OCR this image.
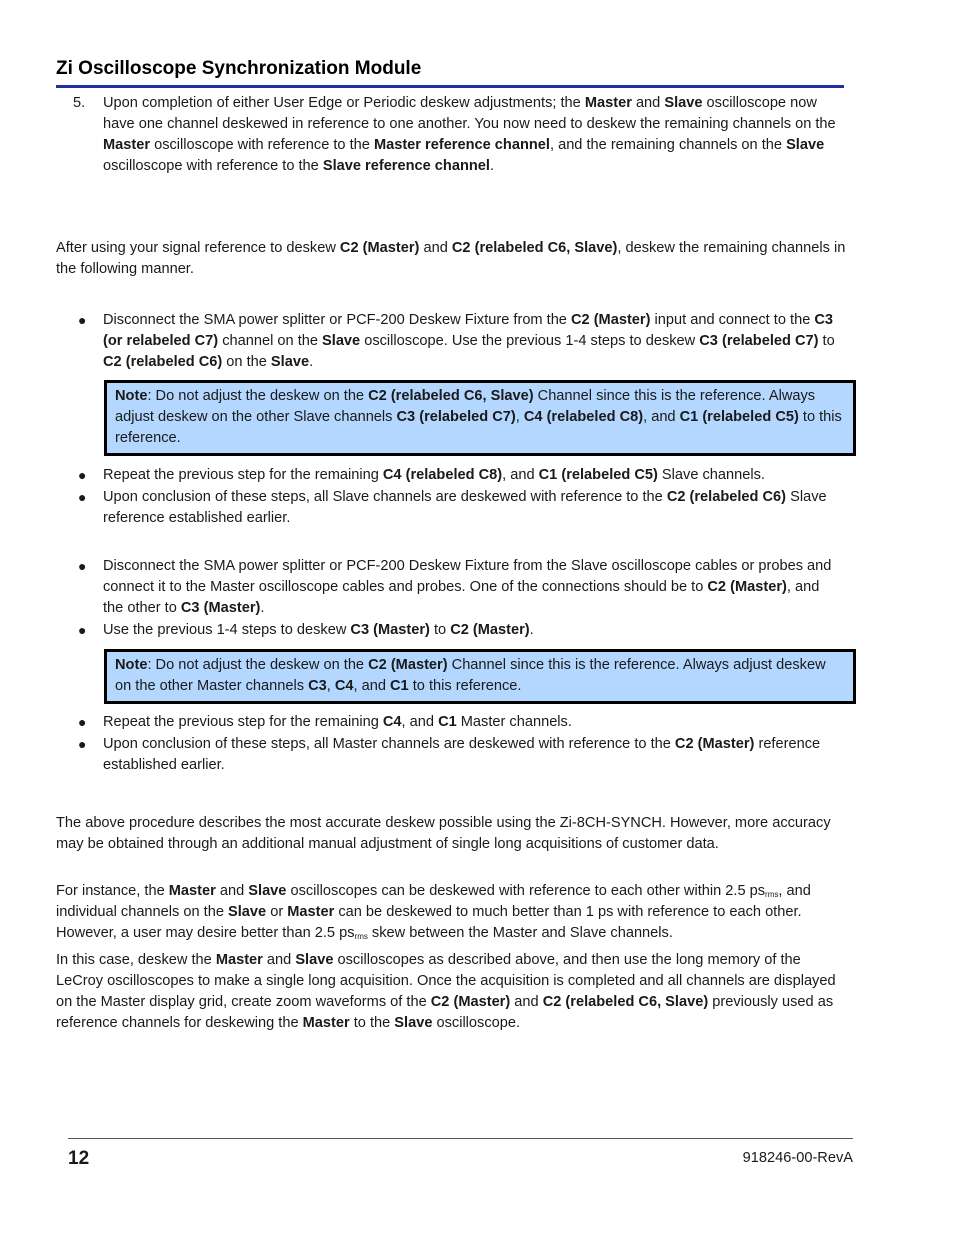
Zi Oscilloscope Synchronization Module
5. Upon completion of either User Edge or Periodic deskew adjustments; the Master and Slave oscilloscope now have one channel deskewed in reference to one another. You now need to deskew the remaining channels on the Master oscilloscope with reference to the Master reference channel, and the remaining channels on the Slave oscilloscope with reference to the Slave reference channel.

After using your signal reference to deskew C2 (Master) and C2 (relabeled C6, Slave), deskew the remaining channels in the following manner.

● Disconnect the SMA power splitter or PCF-200 Deskew Fixture from the C2 (Master) input and connect to the C3 (or relabeled C7) channel on the Slave oscilloscope. Use the previous 1-4 steps to deskew C3 (relabeled C7) to C2 (relabeled C6) on the Slave.

Note: Do not adjust the deskew on the C2 (relabeled C6, Slave) Channel since this is the reference. Always adjust deskew on the other Slave channels C3 (relabeled C7), C4 (relabeled C8), and C1 (relabeled C5) to this reference.

● Repeat the previous step for the remaining C4 (relabeled C8), and C1 (relabeled C5) Slave channels.
● Upon conclusion of these steps, all Slave channels are deskewed with reference to the C2 (relabeled C6) Slave reference established earlier.
● Disconnect the SMA power splitter or PCF-200 Deskew Fixture from the Slave oscilloscope cables or probes and connect it to the Master oscilloscope cables and probes. One of the connections should be to C2 (Master), and the other to C3 (Master).
● Use the previous 1-4 steps to deskew C3 (Master) to C2 (Master).

Note: Do not adjust the deskew on the C2 (Master) Channel since this is the reference. Always adjust deskew on the other Master channels C3, C4, and C1 to this reference.

● Repeat the previous step for the remaining C4, and C1 Master channels.
● Upon conclusion of these steps, all Master channels are deskewed with reference to the C2 (Master) reference established earlier.

The above procedure describes the most accurate deskew possible using the Zi-8CH-SYNCH. However, more accuracy may be obtained through an additional manual adjustment of single long acquisitions of customer data.

For instance, the Master and Slave oscilloscopes can be deskewed with reference to each other within 2.5 $ps_{rms}$, and individual channels on the Slave or Master can be deskewed to much better than 1 ps with reference to each other. However, a user may desire better than 2.5 $ps_{rms}$ skew between the Master and Slave channels.

In this case, deskew the Master and Slave oscilloscopes as described above, and then use the long memory of the LeCroy oscilloscopes to make a single long acquisition. Once the acquisition is completed and all channels are displayed on the Master display grid, create zoom waveforms of the C2 (Master) and C2 (relabeled C6, Slave) previously used as reference channels for deskewing the Master to the Slave oscilloscope.

12	918246-00-RevA
